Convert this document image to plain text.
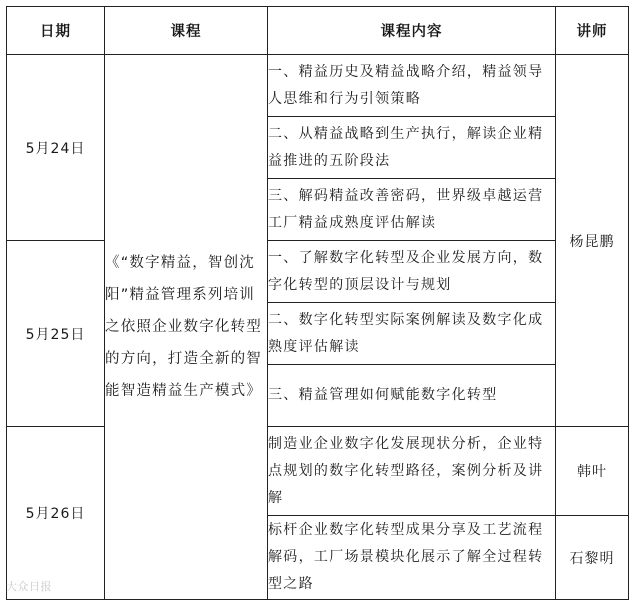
日期	课程	课程内容	讲师
5月24日	《“数字精益，智创沈阳”精益管理系列培训之依照企业数字化转型的方向，打造全新的智能智造精益生产模式》	一、精益历史及精益战略介绍，精益领导人思维和行为引领策略	杨昆鹏
		二、从精益战略到生产执行，解读企业精益推进的五阶段法	
		三、解码精益改善密码，世界级卓越运营工厂精益成熟度评估解读	
5月25日		一、了解数字化转型及企业发展方向，数字化转型的顶层设计与规划	
		二、数字化转型实际案例解读及数字化成熟度评估解读	
		三、精益管理如何赋能数字化转型	
5月26日		制造业企业数字化发展现状分析，企业特点规划的数字化转型路径，案例分析及讲解	韩叶
		标杆企业数字化转型成果分享及工艺流程解码，工厂场景模块化展示了解全过程转型之路	石黎明
大众日报
